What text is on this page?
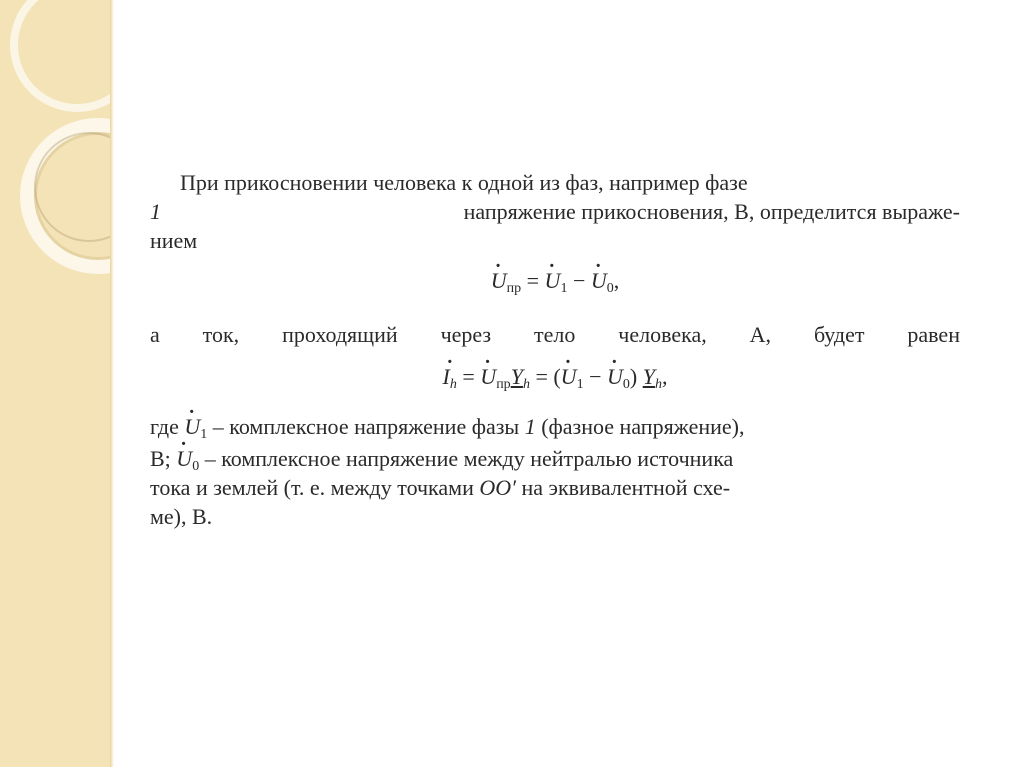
При прикосновении человека к одной из фаз, например фазе
1	напряжение прикосновения, В, определится выраже-
нием
· $U_{пр}$ = · $U_1$ − · $U_0$,
а ток, проходящий через тело человека, А, будет равен
· $I_h$ = · $U_{пр}Y_h$ = (· $U_1$ − · $U_0$) $Y_h$,
где · $U_1$ – комплексное напряжение фазы 1 (фазное напряжение),
В; · $U_0$ – комплексное напряжение между нейтралью источника
тока и землей (т. е. между точками OO′ на эквивалентной схе-
ме), В.
